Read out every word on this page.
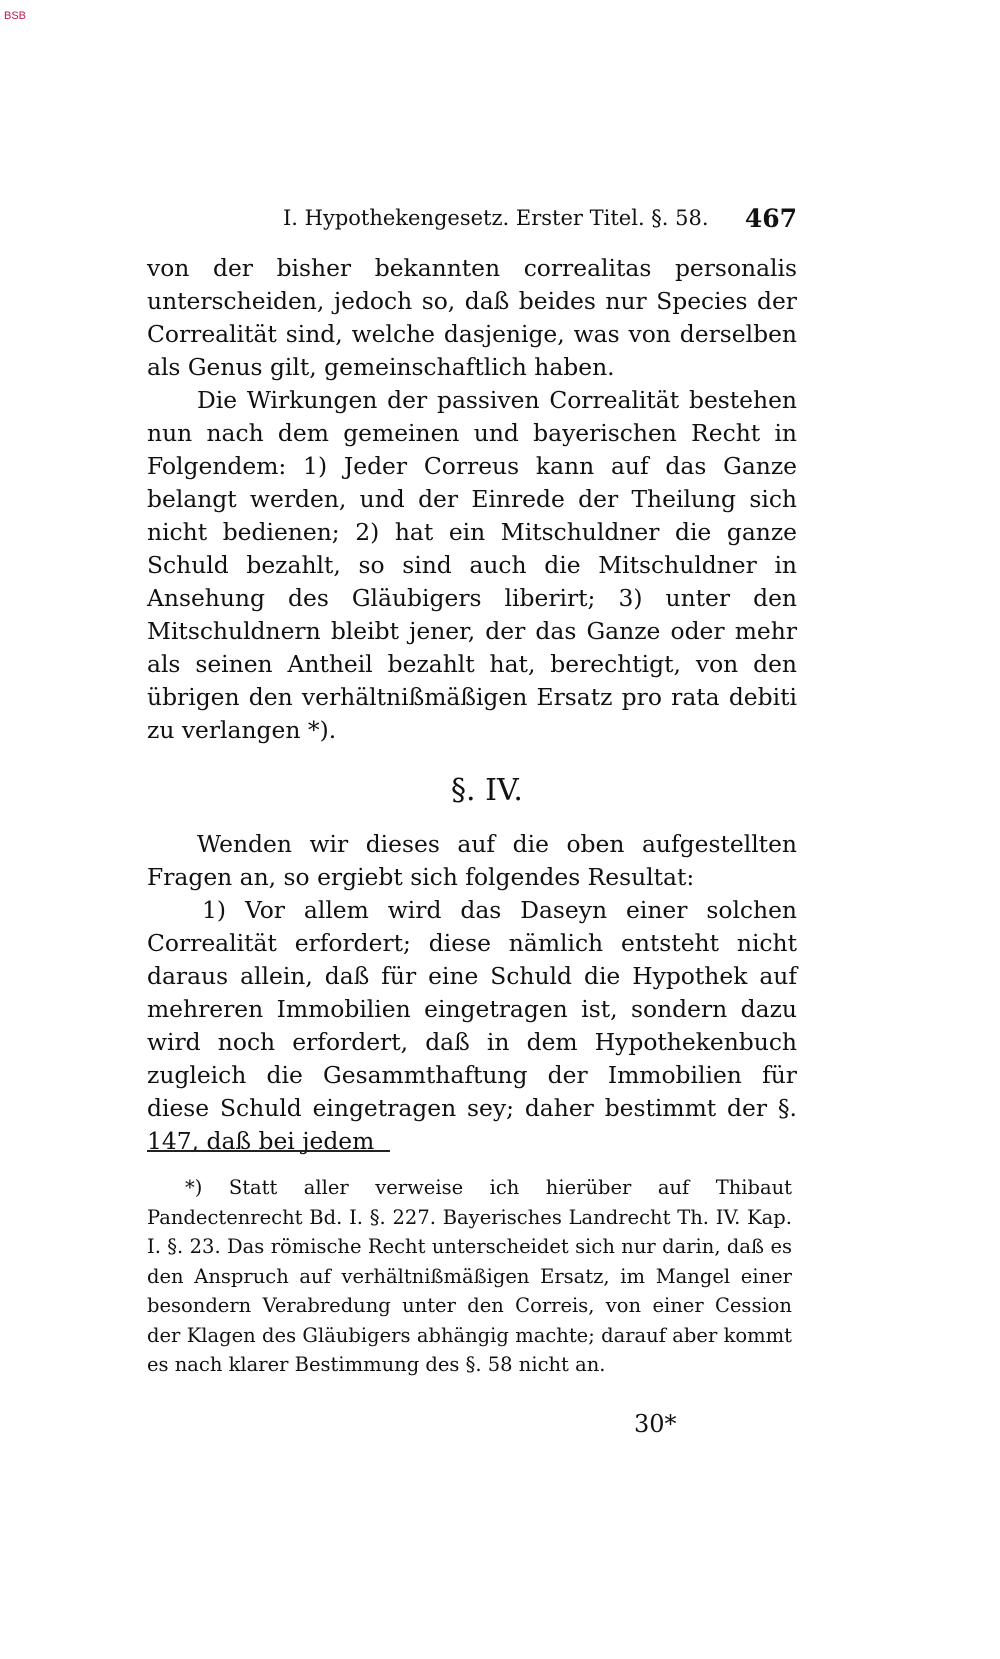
BSB
I. Hypothekengesetz. Erster Titel. §. 58. 467

von der bisher bekannten correalitas personalis unterscheiden, jedoch so, daß beides nur Species der Correalität sind, welche dasjenige, was von derselben als Genus gilt, gemeinschaftlich haben.

Die Wirkungen der passiven Correalität bestehen nun nach dem gemeinen und bayerischen Recht in Folgendem: 1) Jeder Correus kann auf das Ganze belangt werden, und der Einrede der Theilung sich nicht bedienen; 2) hat ein Mitschuldner die ganze Schuld bezahlt, so sind auch die Mitschuldner in Ansehung des Gläubigers liberirt; 3) unter den Mitschuldnern bleibt jener, der das Ganze oder mehr als seinen Antheil bezahlt hat, berechtigt, von den übrigen den verhältnißmäßigen Ersatz pro rata debiti zu verlangen *).

§. IV.

Wenden wir dieses auf die oben aufgestellten Fragen an, so ergiebt sich folgendes Resultat:

1) Vor allem wird das Daseyn einer solchen Correalität erfordert; diese nämlich entsteht nicht daraus allein, daß für eine Schuld die Hypothek auf mehreren Immobilien eingetragen ist, sondern dazu wird noch erfordert, daß in dem Hypothekenbuch zugleich die Gesammthaftung der Immobilien für diese Schuld eingetragen sey; daher bestimmt der §. 147, daß bei jedem

*) Statt aller verweise ich hierüber auf Thibaut Pandectenrecht Bd. I. §. 227. Bayerisches Landrecht Th. IV. Kap. I. §. 23. Das römische Recht unterscheidet sich nur darin, daß es den Anspruch auf verhältnißmäßigen Ersatz, im Mangel einer besondern Verabredung unter den Correis, von einer Cession der Klagen des Gläubigers abhängig machte; darauf aber kommt es nach klarer Bestimmung des §. 58 nicht an.
30*
